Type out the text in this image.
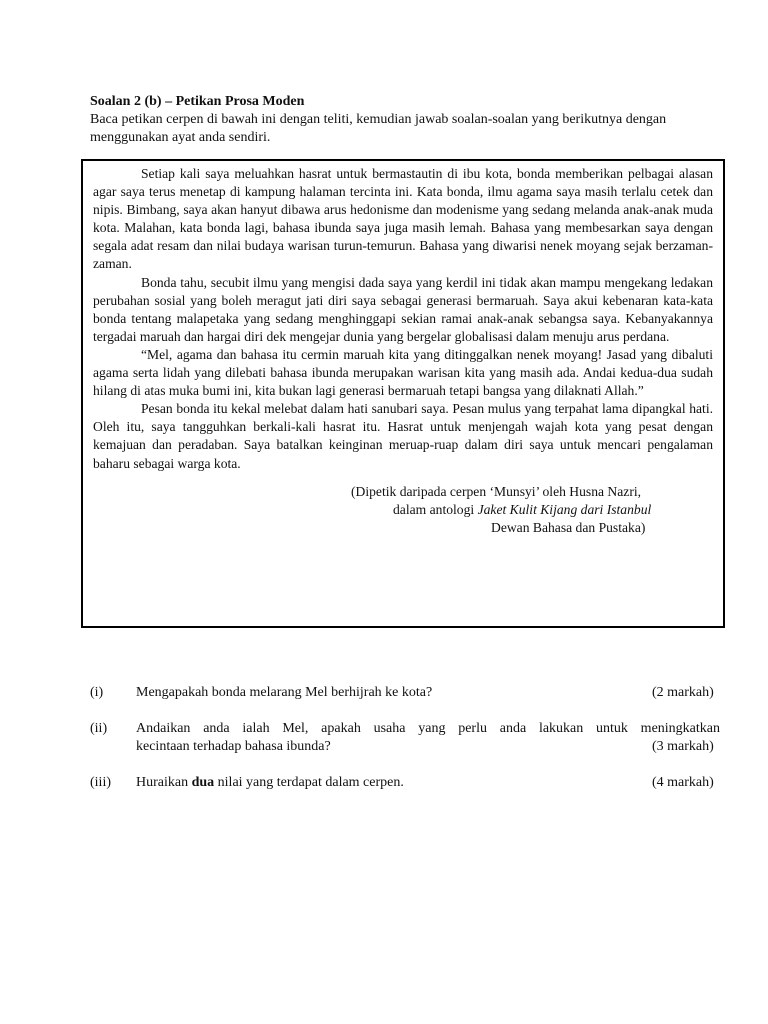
Soalan 2 (b) – Petikan Prosa Moden
Baca petikan cerpen di bawah ini dengan teliti, kemudian jawab soalan-soalan yang berikutnya dengan menggunakan ayat anda sendiri.

Setiap kali saya meluahkan hasrat untuk bermastautin di ibu kota, bonda memberikan pelbagai alasan agar saya terus menetap di kampung halaman tercinta ini. Kata bonda, ilmu agama saya masih terlalu cetek dan nipis. Bimbang, saya akan hanyut dibawa arus hedonisme dan modenisme yang sedang melanda anak-anak muda kota. Malahan, kata bonda lagi, bahasa ibunda saya juga masih lemah. Bahasa yang membesarkan saya dengan segala adat resam dan nilai budaya warisan turun-temurun. Bahasa yang diwarisi nenek moyang sejak berzaman-zaman.

Bonda tahu, secubit ilmu yang mengisi dada saya yang kerdil ini tidak akan mampu mengekang ledakan perubahan sosial yang boleh meragut jati diri saya sebagai generasi bermaruah. Saya akui kebenaran kata-kata bonda tentang malapetaka yang sedang menghinggapi sekian ramai anak-anak sebangsa saya. Kebanyakannya tergadai maruah dan hargai diri dek mengejar dunia yang bergelar globalisasi dalam menuju arus perdana.

“Mel, agama dan bahasa itu cermin maruah kita yang ditinggalkan nenek moyang! Jasad yang dibaluti agama serta lidah yang dilebati bahasa ibunda merupakan warisan kita yang masih ada. Andai kedua-dua sudah hilang di atas muka bumi ini, kita bukan lagi generasi bermaruah tetapi bangsa yang dilaknati Allah.”

Pesan bonda itu kekal melebat dalam hati sanubari saya. Pesan mulus yang terpahat lama dipangkal hati. Oleh itu, saya tangguhkan berkali-kali hasrat itu. Hasrat untuk menjengah wajah kota yang pesat dengan kemajuan dan peradaban. Saya batalkan keinginan meruap-ruap dalam diri saya untuk mencari pengalaman baharu sebagai warga kota.

(Dipetik daripada cerpen ‘Munsyi’ oleh Husna Nazri,
dalam antologi Jaket Kulit Kijang dari Istanbul
Dewan Bahasa dan Pustaka)
(i)	Mengapakah bonda melarang Mel berhijrah ke kota?	(2 markah)
(ii)	Andaikan anda ialah Mel, apakah usaha yang perlu anda lakukan untuk meningkatkan
kecintaan terhadap bahasa ibunda?	(3 markah)
(iii)	Huraikan dua nilai yang terdapat dalam cerpen.	(4 markah)
